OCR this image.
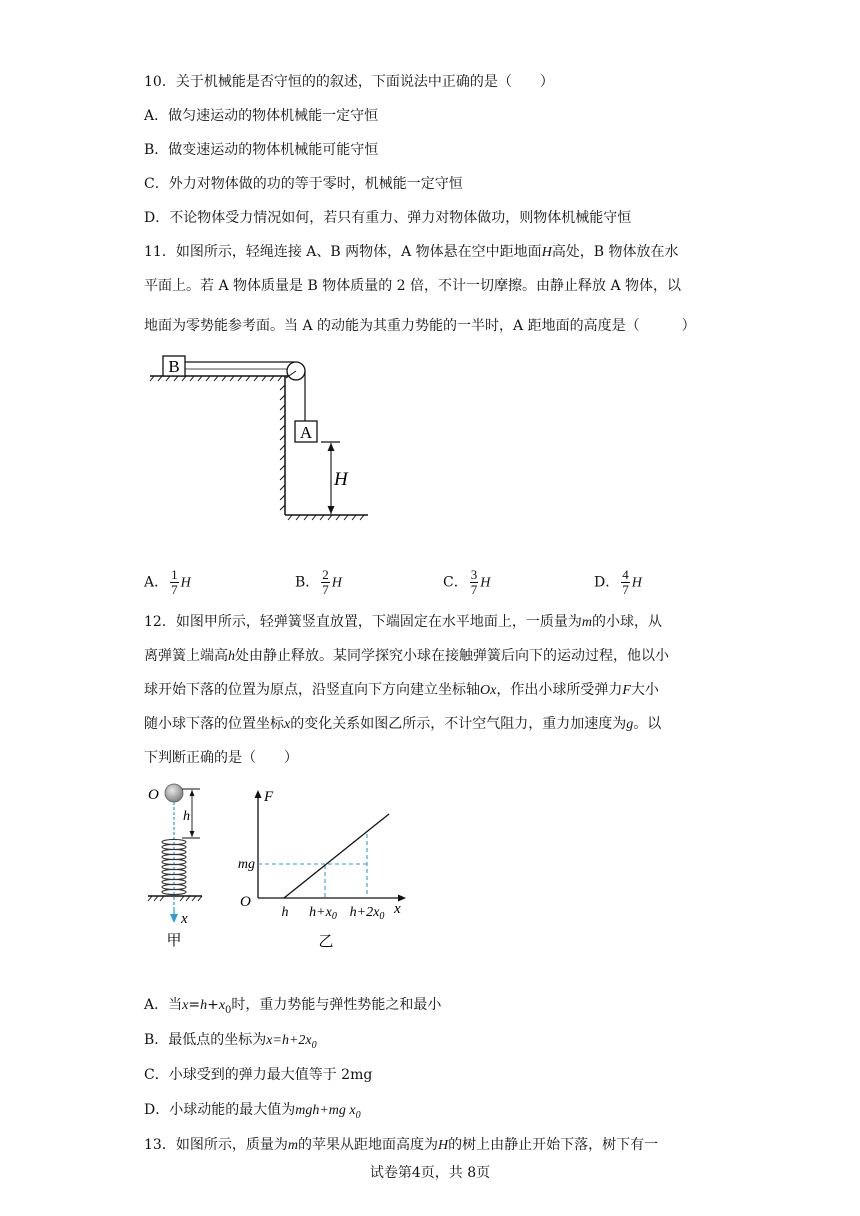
10．关于机械能是否守恒的的叙述，下面说法中正确的是（　　）
A．做匀速运动的物体机械能一定守恒
B．做变速运动的物体机械能可能守恒
C．外力对物体做的功的等于零时，机械能一定守恒
D．不论物体受力情况如何，若只有重力、弹力对物体做功，则物体机械能守恒
11．如图所示，轻绳连接 A、B 两物体，A 物体悬在空中距地面H高处，B 物体放在水
平面上。若 A 物体质量是 B 物体质量的 2 倍，不计一切摩擦。由静止释放 A 物体，以
地面为零势能参考面。当 A 的动能为其重力势能的一半时，A 距地面的高度是（　　　）
B
A
H
A． $\frac{1}{7}$ H	B． $\frac{2}{7}$ H	C． $\frac{3}{7}$ H	D． $\frac{4}{7}$ H
12．如图甲所示，轻弹簧竖直放置，下端固定在水平地面上，一质量为m的小球，从
离弹簧上端高h处由静止释放。某同学探究小球在接触弹簧后向下的运动过程，他以小
球开始下落的位置为原点，沿竖直向下方向建立坐标轴Ox，作出小球所受弹力F大小
随小球下落的位置坐标x的变化关系如图乙所示，不计空气阻力，重力加速度为g。以
下判断正确的是（　　）
O
x
h
甲
F
x
O
mg
h $h+x_0$ $h+2x_0$
乙
A．当$x=h+x_0$时，重力势能与弹性势能之和最小
B．最低点的坐标为$x=h+2x_0$
C．小球受到的弹力最大值等于 2mg
D．小球动能的最大值为mgh+mg $x_0$
13．如图所示，质量为m的苹果从距地面高度为H的树上由静止开始下落，树下有一
试卷第4页，共 8页
